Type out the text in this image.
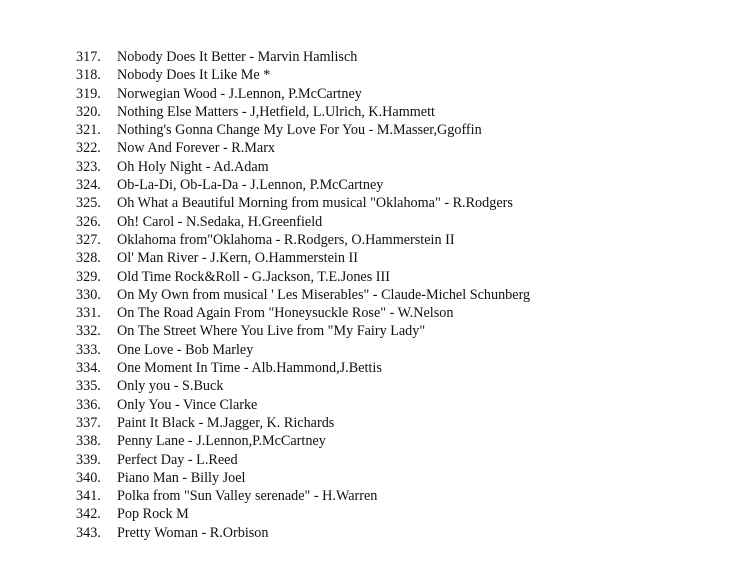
317. Nobody Does It Better - Marvin Hamlisch
318. Nobody Does It Like Me *
319. Norwegian Wood - J.Lennon, P.McCartney
320. Nothing Else Matters - J,Hetfield, L.Ulrich, K.Hammett
321. Nothing's Gonna Change My Love For You - M.Masser,Ggoffin
322. Now And Forever - R.Marx
323. Oh Holy Night - Ad.Adam
324. Ob-La-Di, Ob-La-Da - J.Lennon, P.McCartney
325. Oh What a Beautiful Morning from musical "Oklahoma" - R.Rodgers
326. Oh! Carol - N.Sedaka, H.Greenfield
327. Oklahoma from"Oklahoma - R.Rodgers, O.Hammerstein II
328. Ol' Man River - J.Kern, O.Hammerstein II
329. Old Time Rock&Roll - G.Jackson, T.E.Jones III
330. On My Own from musical ' Les Miserables" - Claude-Michel Schunberg
331. On The Road Again From "Honeysuckle Rose" - W.Nelson
332. On The Street Where You Live from "My Fairy Lady"
333. One Love - Bob Marley
334. One Moment In Time - Alb.Hammond,J.Bettis
335. Only you - S.Buck
336. Only You - Vince Clarke
337. Paint It Black - M.Jagger, K. Richards
338. Penny Lane - J.Lennon,P.McCartney
339. Perfect Day - L.Reed
340. Piano Man - Billy Joel
341. Polka from "Sun Valley serenade" - H.Warren
342. Pop Rock M
343. Pretty Woman - R.Orbison
